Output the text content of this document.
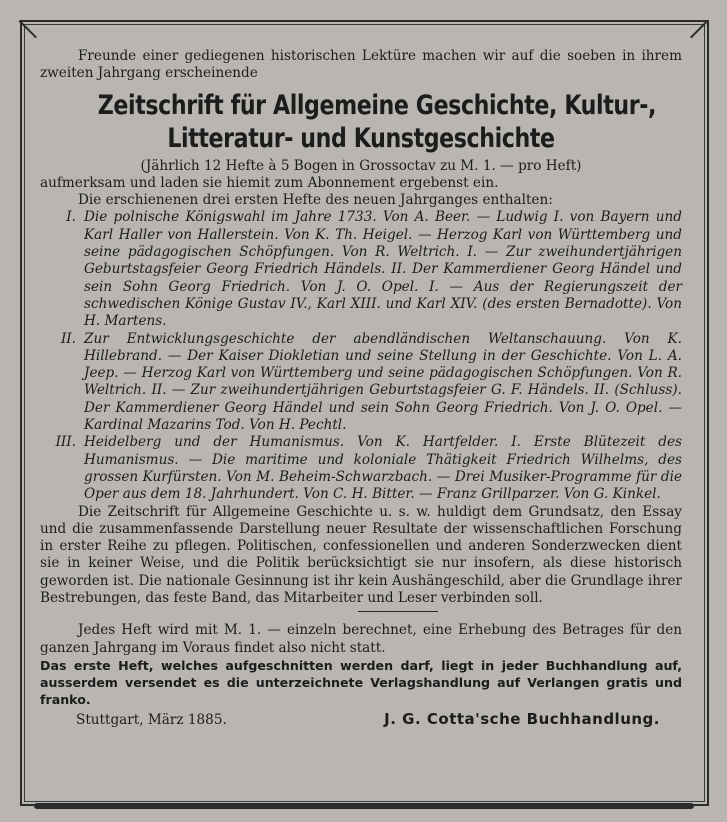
Freunde einer gediegenen historischen Lektüre machen wir auf die soeben in ihrem zweiten Jahrgang erscheinende

Zeitschrift für Allgemeine Geschichte, Kultur-,
Litteratur- und Kunstgeschichte

(Jährlich 12 Hefte à 5 Bogen in Grossoctav zu M. 1. — pro Heft)

aufmerksam und laden sie hiemit zum Abonnement ergebenst ein.

Die erschienenen drei ersten Hefte des neuen Jahrganges enthalten:

I. Die polnische Königswahl im Jahre 1733. Von A. Beer. — Ludwig I. von Bayern und Karl Haller von Hallerstein. Von K. Th. Heigel. — Herzog Karl von Württemberg und seine pädagogischen Schöpfungen. Von R. Weltrich. I. — Zur zweihundertjährigen Geburtstagsfeier Georg Friedrich Händels. II. Der Kammerdiener Georg Händel und sein Sohn Georg Friedrich. Von J. O. Opel. I. — Aus der Regierungszeit der schwedischen Könige Gustav IV., Karl XIII. und Karl XIV. (des ersten Bernadotte). Von H. Martens.
II. Zur Entwicklungsgeschichte der abendländischen Weltanschauung. Von K. Hillebrand. — Der Kaiser Diokletian und seine Stellung in der Geschichte. Von L. A. Jeep. — Herzog Karl von Württemberg und seine pädagogischen Schöpfungen. Von R. Weltrich. II. — Zur zweihundertjährigen Geburtstagsfeier G. F. Händels. II. (Schluss). Der Kammerdiener Georg Händel und sein Sohn Georg Friedrich. Von J. O. Opel. — Kardinal Mazarins Tod. Von H. Pechtl.
III. Heidelberg und der Humanismus. Von K. Hartfelder. I. Erste Blütezeit des Humanismus. — Die maritime und koloniale Thätigkeit Friedrich Wilhelms, des grossen Kurfürsten. Von M. Beheim-Schwarzbach. — Drei Musiker-Programme für die Oper aus dem 18. Jahrhundert. Von C. H. Bitter. — Franz Grillparzer. Von G. Kinkel.

Die Zeitschrift für Allgemeine Geschichte u. s. w. huldigt dem Grundsatz, den Essay und die zusammenfassende Darstellung neuer Resultate der wissenschaftlichen Forschung in erster Reihe zu pflegen. Politischen, confessionellen und anderen Sonderzwecken dient sie in keiner Weise, und die Politik berücksichtigt sie nur insofern, als diese historisch geworden ist. Die nationale Gesinnung ist ihr kein Aushängeschild, aber die Grundlage ihrer Bestrebungen, das feste Band, das Mitarbeiter und Leser verbinden soll.

Jedes Heft wird mit M. 1. — einzeln berechnet, eine Erhebung des Betrages für den ganzen Jahrgang im Voraus findet also nicht statt.

Das erste Heft, welches aufgeschnitten werden darf, liegt in jeder Buchhandlung auf, ausserdem versendet es die unterzeichnete Verlagshandlung auf Verlangen gratis und franko.

Stuttgart, März 1885.	J. G. Cotta'sche Buchhandlung.
